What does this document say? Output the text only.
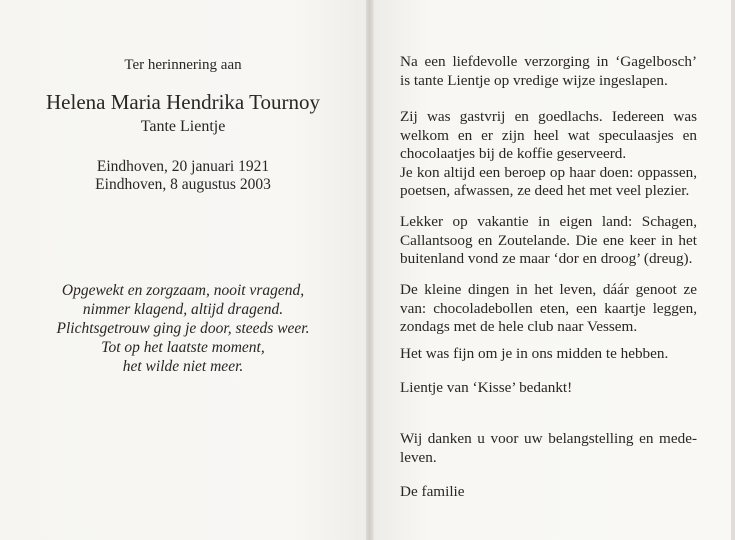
Ter herinnering aan
Helena Maria Hendrika Tournoy
Tante Lientje
Eindhoven, 20 januari 1921
Eindhoven, 8 augustus 2003
Opgewekt en zorgzaam, nooit vragend,
nimmer klagend, altijd dragend.
Plichtsgetrouw ging je door, steeds weer.
Tot op het laatste moment,
het wilde niet meer.
Na een liefdevolle verzorging in ‘Gagelbosch’
is tante Lientje op vredige wijze ingeslapen.
Zij was gastvrij en goedlachs. Iedereen was
welkom en er zijn heel wat speculaasjes en
chocolaatjes bij de koffie geserveerd.
Je kon altijd een beroep op haar doen: oppassen,
poetsen, afwassen, ze deed het met veel plezier.
Lekker op vakantie in eigen land: Schagen,
Callantsoog en Zoutelande. Die ene keer in het
buitenland vond ze maar ‘dor en droog’ (dreug).
De kleine dingen in het leven, dáár genoot ze
van: chocoladebollen eten, een kaartje leggen,
zondags met de hele club naar Vessem.
Het was fijn om je in ons midden te hebben.
Lientje van ‘Kisse’ bedankt!
Wij danken u voor uw belangstelling en mede-
leven.
De familie
